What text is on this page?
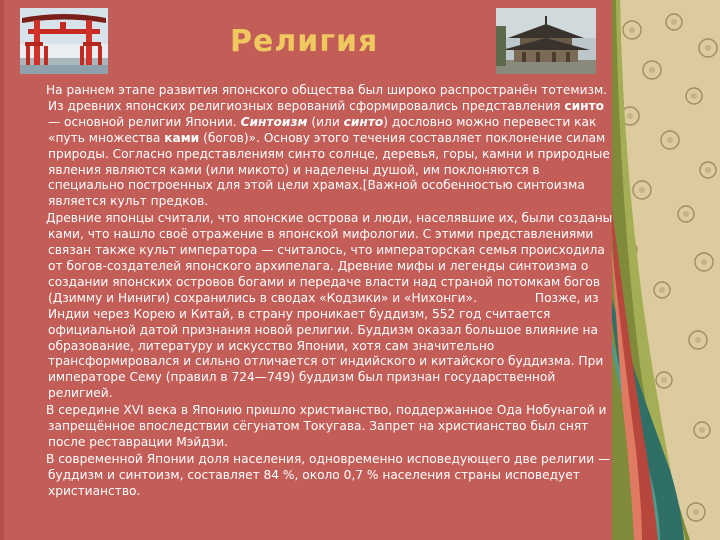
Религия

На раннем этапе развития японского общества был широко распространён тотемизм. Из древних японских религиозных верований сформировались представления синто— основной религии Японии. Синтоизм (или синто) дословно можно перевести как «путь множества ками (богов)». Основу этого течения составляет поклонение силам природы. Согласно представлениям синто солнце, деревья, горы, камни и природные явления являются ками (или микото) и наделены душой, им поклоняются в специально построенных для этой цели храмах.[Важной особенностью синтоизма является культ предков.

Древние японцы считали, что японские острова и люди, населявшие их, были созданы ками, что нашло своё отражение в японской мифологии. С этими представлениями связан также культ императора — считалось, что императорская семья происходила от богов-создателей японского архипелага. Древние мифы и легенды синтоизма о создании японских островов богами и передаче власти над страной потомкам богов (Дзимму и Ниниги) сохранились в сводах «Кодзики» и «Нихонги».               Позже, из Индии через Корею и Китай, в страну проникает буддизм, 552 год считается официальной датой признания новой религии. Буддизм оказал большое влияние на образование, литературу и искусство Японии, хотя сам значительно трансформировался и сильно отличается от индийского и китайского буддизма. При императоре Сему (правил в 724—749) буддизм был признан государственной религией.

В середине XVI века в Японию пришло христианство, поддержанное Ода Нобунагой и запрещённое впоследствии сёгунатом Токугава. Запрет на христианство был снят после реставрации Мэйдзи.

В современной Японии доля населения, одновременно исповедующего две религии — буддизм и синтоизм, составляет 84 %, около 0,7 % населения страны исповедует христианство.
